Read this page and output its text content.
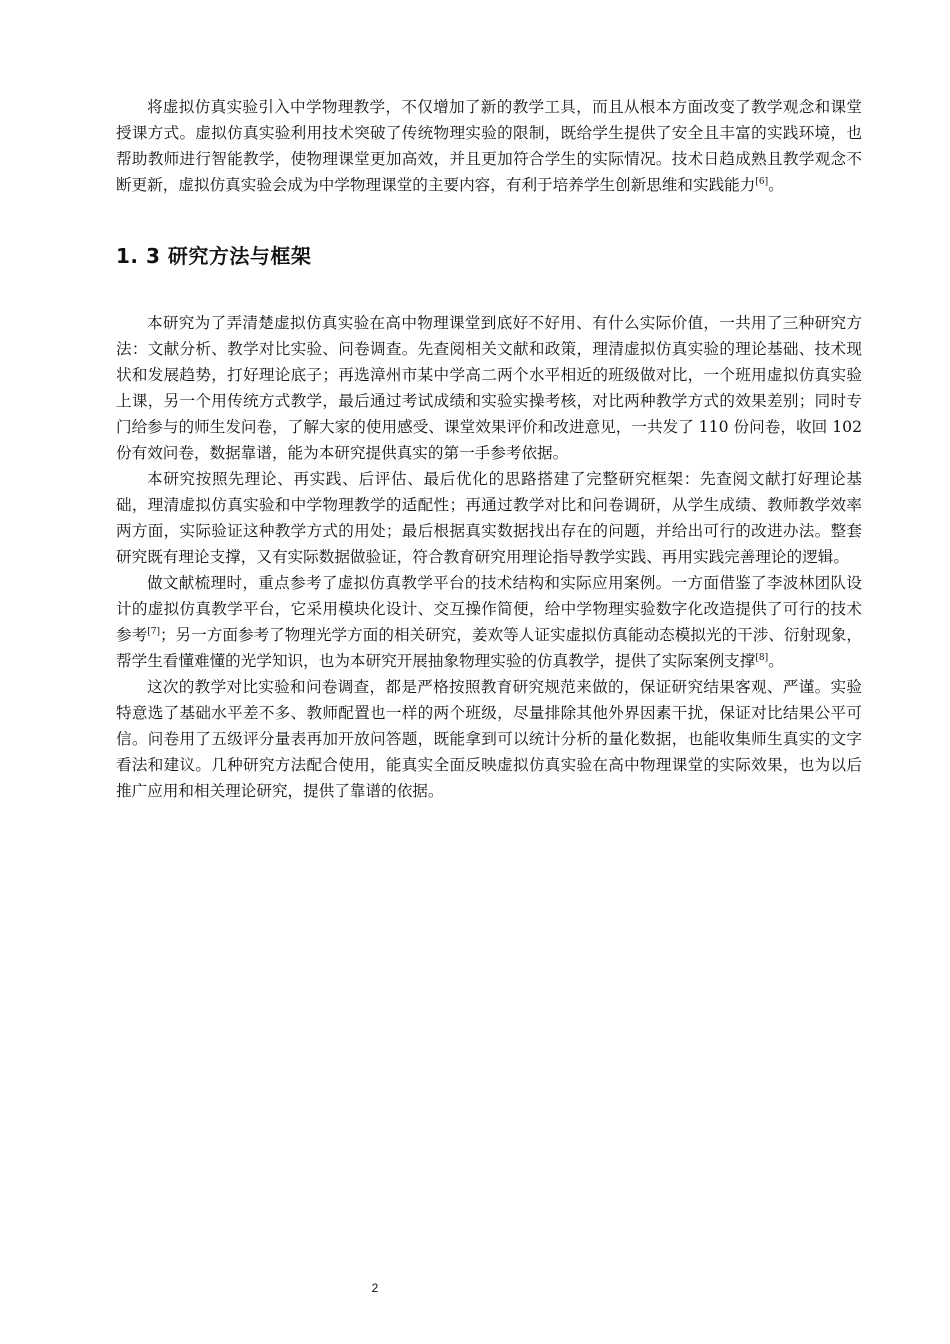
将虚拟仿真实验引入中学物理教学，不仅增加了新的教学工具，而且从根本方面改变了教学观念和课堂授课方式。虚拟仿真实验利用技术突破了传统物理实验的限制，既给学生提供了安全且丰富的实践环境，也帮助教师进行智能教学，使物理课堂更加高效，并且更加符合学生的实际情况。技术日趋成熟且教学观念不断更新，虚拟仿真实验会成为中学物理课堂的主要内容，有利于培养学生创新思维和实践能力[6]。

1. 3 研究方法与框架

本研究为了弄清楚虚拟仿真实验在高中物理课堂到底好不好用、有什么实际价值，一共用了三种研究方法：文献分析、教学对比实验、问卷调查。先查阅相关文献和政策，理清虚拟仿真实验的理论基础、技术现状和发展趋势，打好理论底子；再选漳州市某中学高二两个水平相近的班级做对比，一个班用虚拟仿真实验上课，另一个用传统方式教学，最后通过考试成绩和实验实操考核，对比两种教学方式的效果差别；同时专门给参与的师生发问卷，了解大家的使用感受、课堂效果评价和改进意见，一共发了 110 份问卷，收回 102 份有效问卷，数据靠谱，能为本研究提供真实的第一手参考依据。

本研究按照先理论、再实践、后评估、最后优化的思路搭建了完整研究框架：先查阅文献打好理论基础，理清虚拟仿真实验和中学物理教学的适配性；再通过教学对比和问卷调研，从学生成绩、教师教学效率两方面，实际验证这种教学方式的用处；最后根据真实数据找出存在的问题，并给出可行的改进办法。整套研究既有理论支撑，又有实际数据做验证，符合教育研究用理论指导教学实践、再用实践完善理论的逻辑。

做文献梳理时，重点参考了虚拟仿真教学平台的技术结构和实际应用案例。一方面借鉴了李波林团队设计的虚拟仿真教学平台，它采用模块化设计、交互操作简便，给中学物理实验数字化改造提供了可行的技术参考[7]；另一方面参考了物理光学方面的相关研究，姜欢等人证实虚拟仿真能动态模拟光的干涉、衍射现象，帮学生看懂难懂的光学知识，也为本研究开展抽象物理实验的仿真教学，提供了实际案例支撑[8]。

这次的教学对比实验和问卷调查，都是严格按照教育研究规范来做的，保证研究结果客观、严谨。实验特意选了基础水平差不多、教师配置也一样的两个班级，尽量排除其他外界因素干扰，保证对比结果公平可信。问卷用了五级评分量表再加开放问答题，既能拿到可以统计分析的量化数据，也能收集师生真实的文字看法和建议。几种研究方法配合使用，能真实全面反映虚拟仿真实验在高中物理课堂的实际效果，也为以后推广应用和相关理论研究，提供了靠谱的依据。

2
